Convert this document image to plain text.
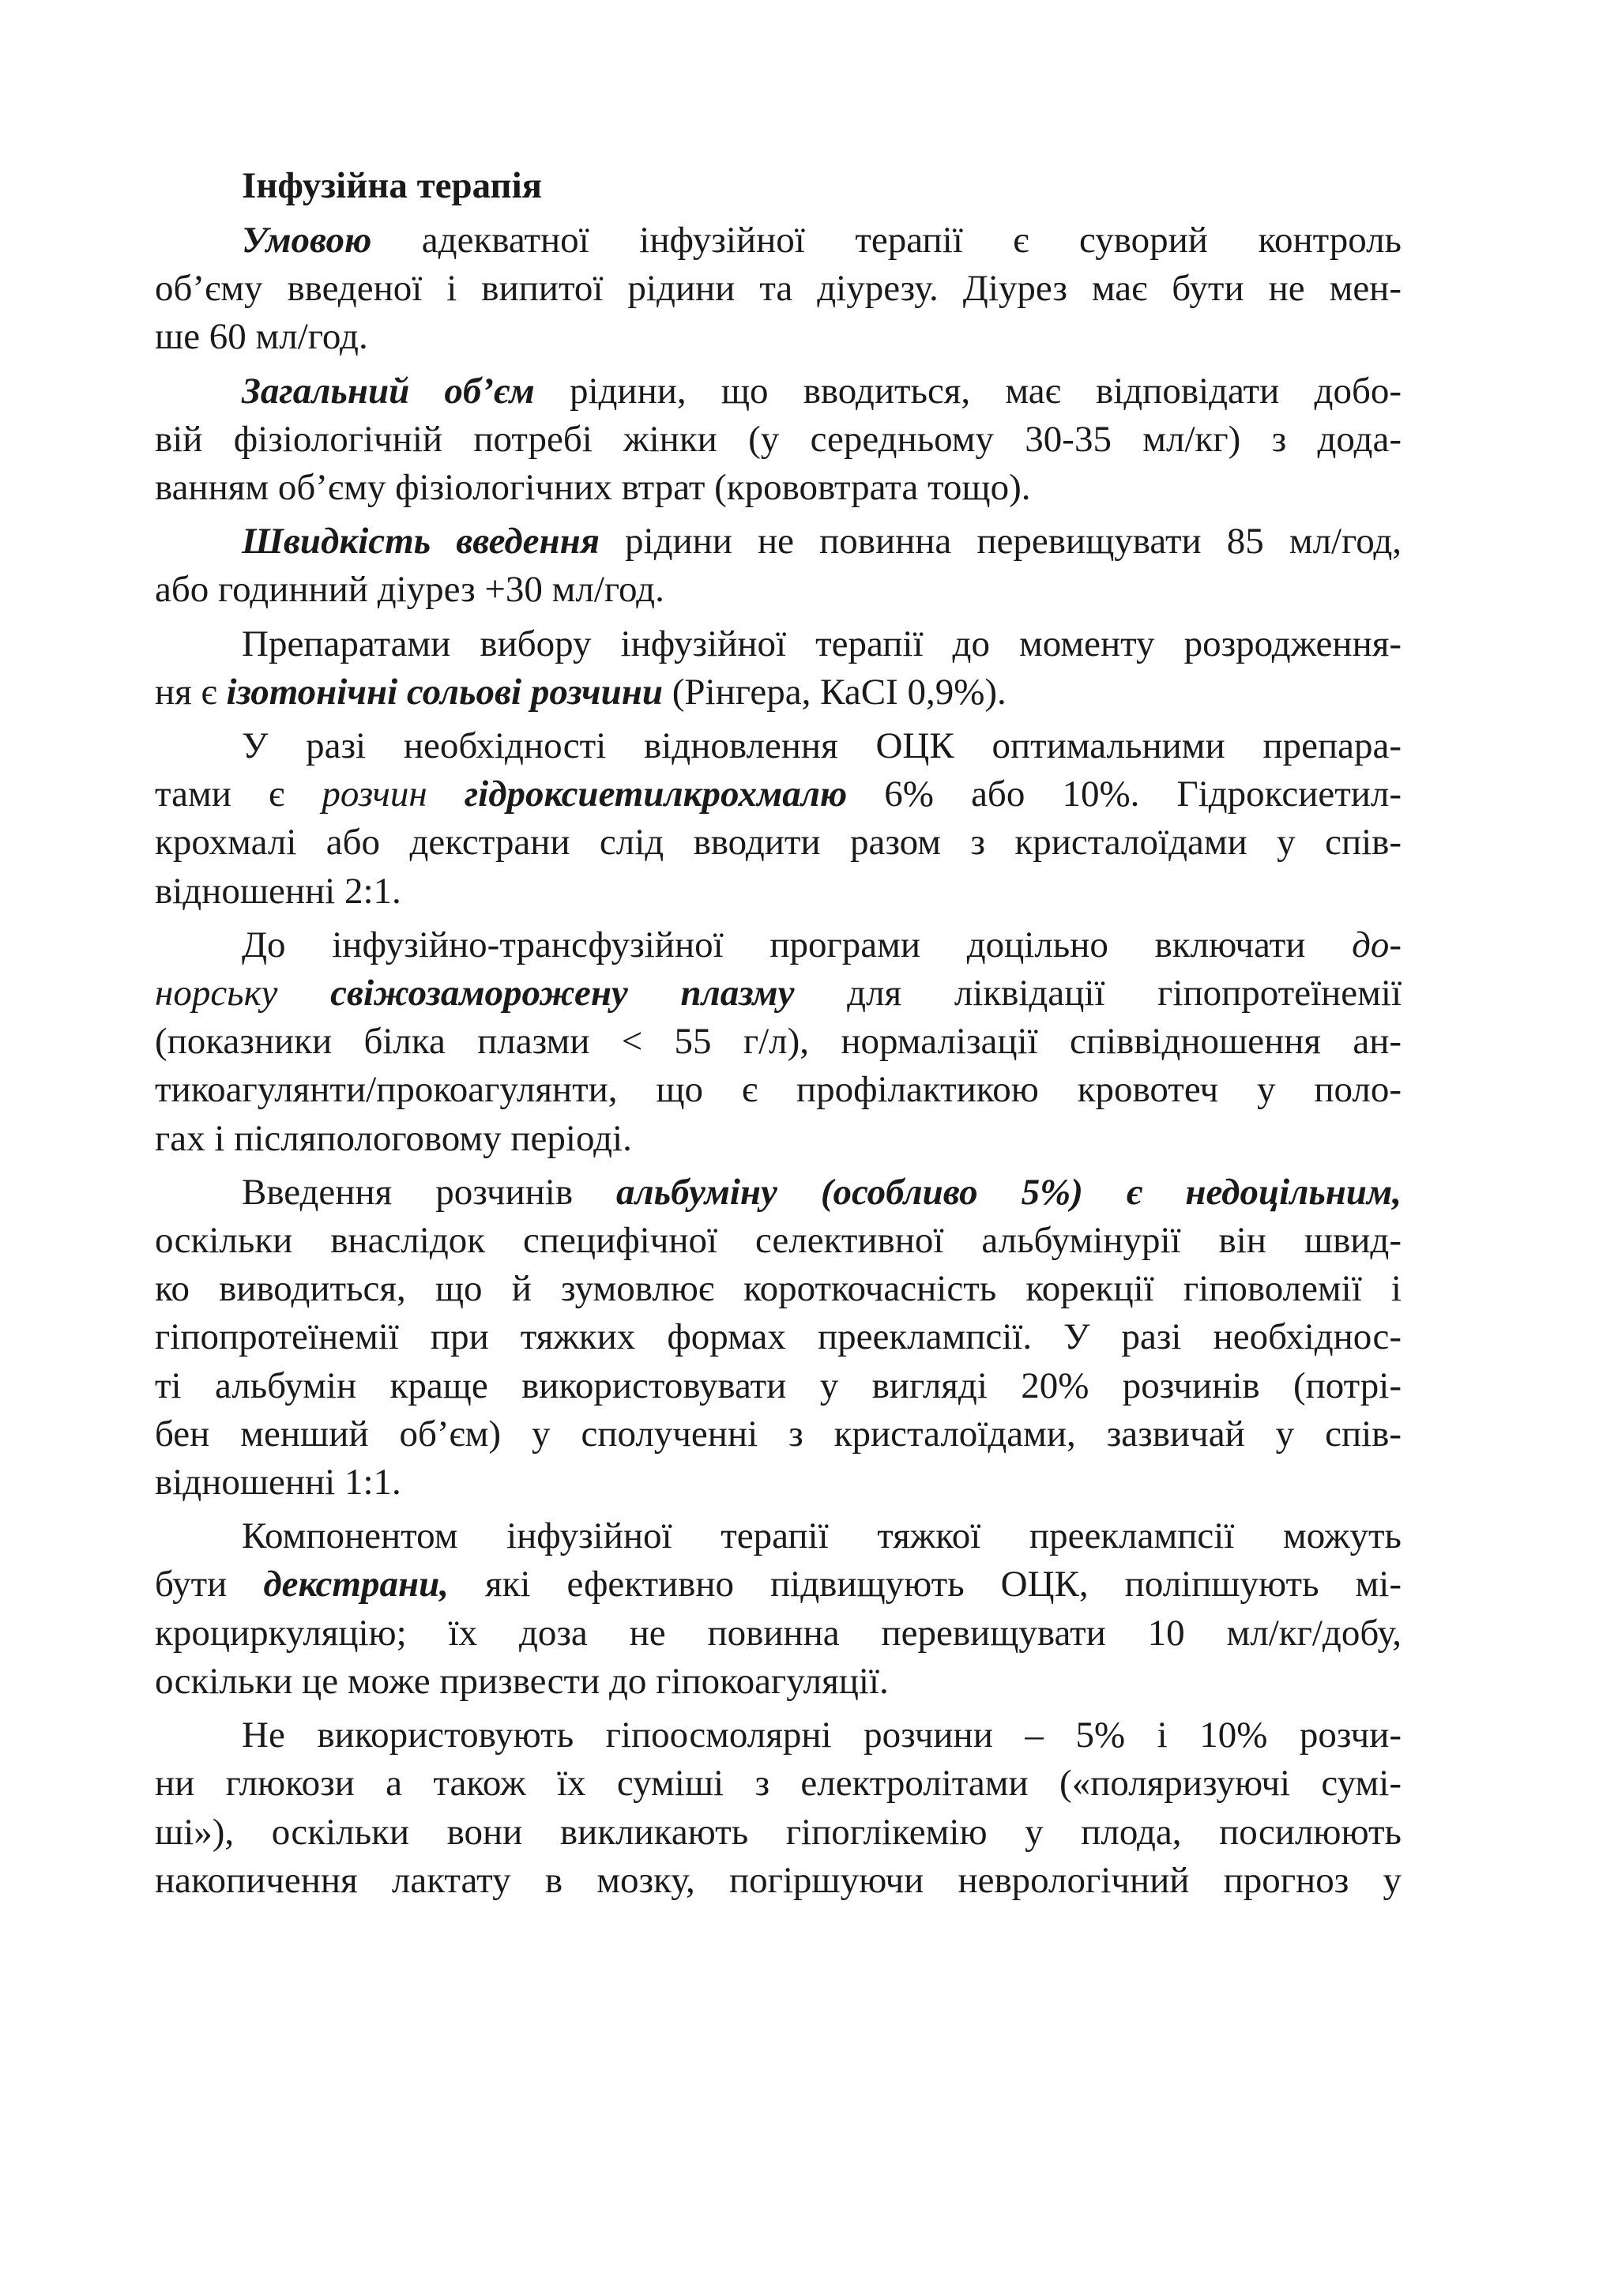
Інфузійна терапія
Умовою адекватної інфузійної терапії є суворий контроль
об’єму введеної і випитої рідини та діурезу. Діурез має бути не мен-
ше 60 мл/год.
Загальний об’єм рідини, що вводиться, має відповідати добо-
вій фізіологічній потребі жінки (у середньому 30-35 мл/кг) з дода-
ванням об’єму фізіологічних втрат (крововтрата тощо).
Швидкість введення рідини не повинна перевищувати 85 мл/год,
або годинний діурез +30 мл/год.
Препаратами вибору інфузійної терапії до моменту розродження-
ня є ізотонічні сольові розчини (Рінгера, КаСІ 0,9%).
У разі необхідності відновлення ОЦК оптимальними препара-
тами є розчин гідроксиетилкрохмалю 6% або 10%. Гідроксиетил-
крохмалі або декстрани слід вводити разом з кристалоїдами у спів-
відношенні 2:1.
До інфузійно-трансфузійної програми доцільно включати до-
норську свіжозаморожену плазму для ліквідації гіпопротеїнемії
(показники білка плазми < 55 г/л), нормалізації співвідношення ан-
тикоагулянти/прокоагулянти, що є профілактикою кровотеч у поло-
гах і післяпологовому періоді.
Введення розчинів альбуміну (особливо 5%) є недоцільним,
оскільки внаслідок специфічної селективної альбумінурії він швид-
ко виводиться, що й зумовлює короткочасність корекції гіповолемії і
гіпопротеїнемії при тяжких формах прееклампсії. У разі необхіднос-
ті альбумін краще використовувати у вигляді 20% розчинів (потрі-
бен менший об’єм) у сполученні з кристалоїдами, зазвичай у спів-
відношенні 1:1.
Компонентом інфузійної терапії тяжкої прееклампсії можуть
бути декстрани, які ефективно підвищують ОЦК, поліпшують мі-
кроциркуляцію; їх доза не повинна перевищувати 10 мл/кг/добу,
оскільки це може призвести до гіпокоагуляції.
Не використовують гіпоосмолярні розчини – 5% і 10% розчи-
ни глюкози а також їх суміші з електролітами («поляризуючі сумі-
ші»), оскільки вони викликають гіпоглікемію у плода, посилюють
накопичення лактату в мозку, погіршуючи неврологічний прогноз у
